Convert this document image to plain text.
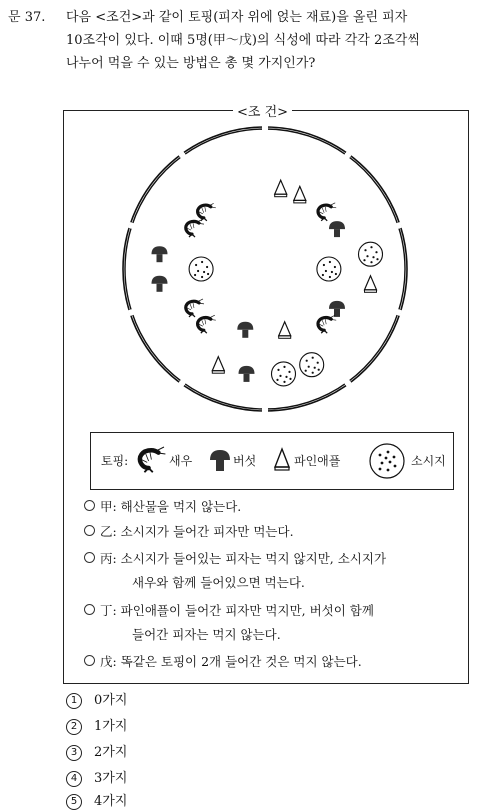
문 37. 다음 <조건>과 같이 토핑(피자 위에 얹는 재료)을 올린 피자
10조각이 있다. 이때 5명(甲～戊)의 식성에 따라 각각 2조각씩
나누어 먹을 수 있는 방법은 총 몇 가지인가?
<조 건>
토핑:	새우	버섯	파인애플	소시지
甲: 해산물을 먹지 않는다.
乙: 소시지가 들어간 피자만 먹는다.
丙: 소시지가 들어있는 피자는 먹지 않지만, 소시지가
새우와 함께 들어있으면 먹는다.
丁: 파인애플이 들어간 피자만 먹지만, 버섯이 함께
들어간 피자는 먹지 않는다.
戊: 똑같은 토핑이 2개 들어간 것은 먹지 않는다.
1 0가지
2 1가지
3 2가지
4 3가지
5 4가지
